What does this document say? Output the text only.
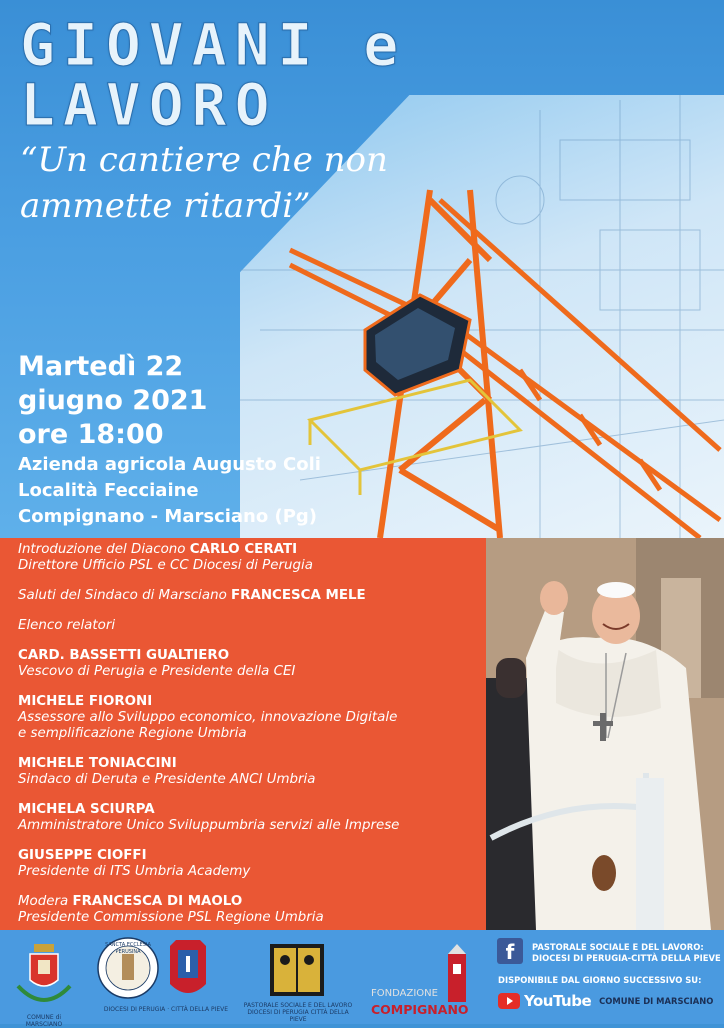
GIOVANI e
LAVORO
“Un cantiere che non
ammette ritardi”
Martedì 22
giugno 2021
ore 18:00
Azienda agricola Augusto Coli
Località Fecciaine
Compignano - Marsciano (Pg)
Introduzione del Diacono CARLO CERATI
Direttore Ufficio PSL e CC Diocesi di Perugia
Saluti del Sindaco di Marsciano FRANCESCA MELE
Elenco relatori
CARD. BASSETTI GUALTIERO
Vescovo di Perugia e Presidente della CEI
MICHELE FIORONI
Assessore allo Sviluppo economico, innovazione Digitale
e semplificazione Regione Umbria
MICHELE TONIACCINI
Sindaco di Deruta e Presidente ANCI Umbria
MICHELA SCIURPA
Amministratore Unico Sviluppumbria servizi alle Imprese
GIUSEPPE CIOFFI
Presidente di ITS Umbria Academy
Modera FRANCESCA DI MAOLO
Presidente Commissione PSL Regione Umbria
COMUNE di MARSCIANO
SANCTA ECCLESIA PERUSINA
DIOCESI DI PERUGIA · CITTÀ DELLA PIEVE
PASTORALE SOCIALE E DEL LAVORO
DIOCESI DI PERUGIA CITTÀ DELLA PIEVE
FONDAZIONE
COMPIGNANO
f	PASTORALE SOCIALE E DEL LAVORO:
DIOCESI DI PERUGIA-CITTÀ DELLA PIEVE
DISPONIBILE DAL GIORNO SUCCESSIVO SU:
YouTube COMUNE DI MARSCIANO
